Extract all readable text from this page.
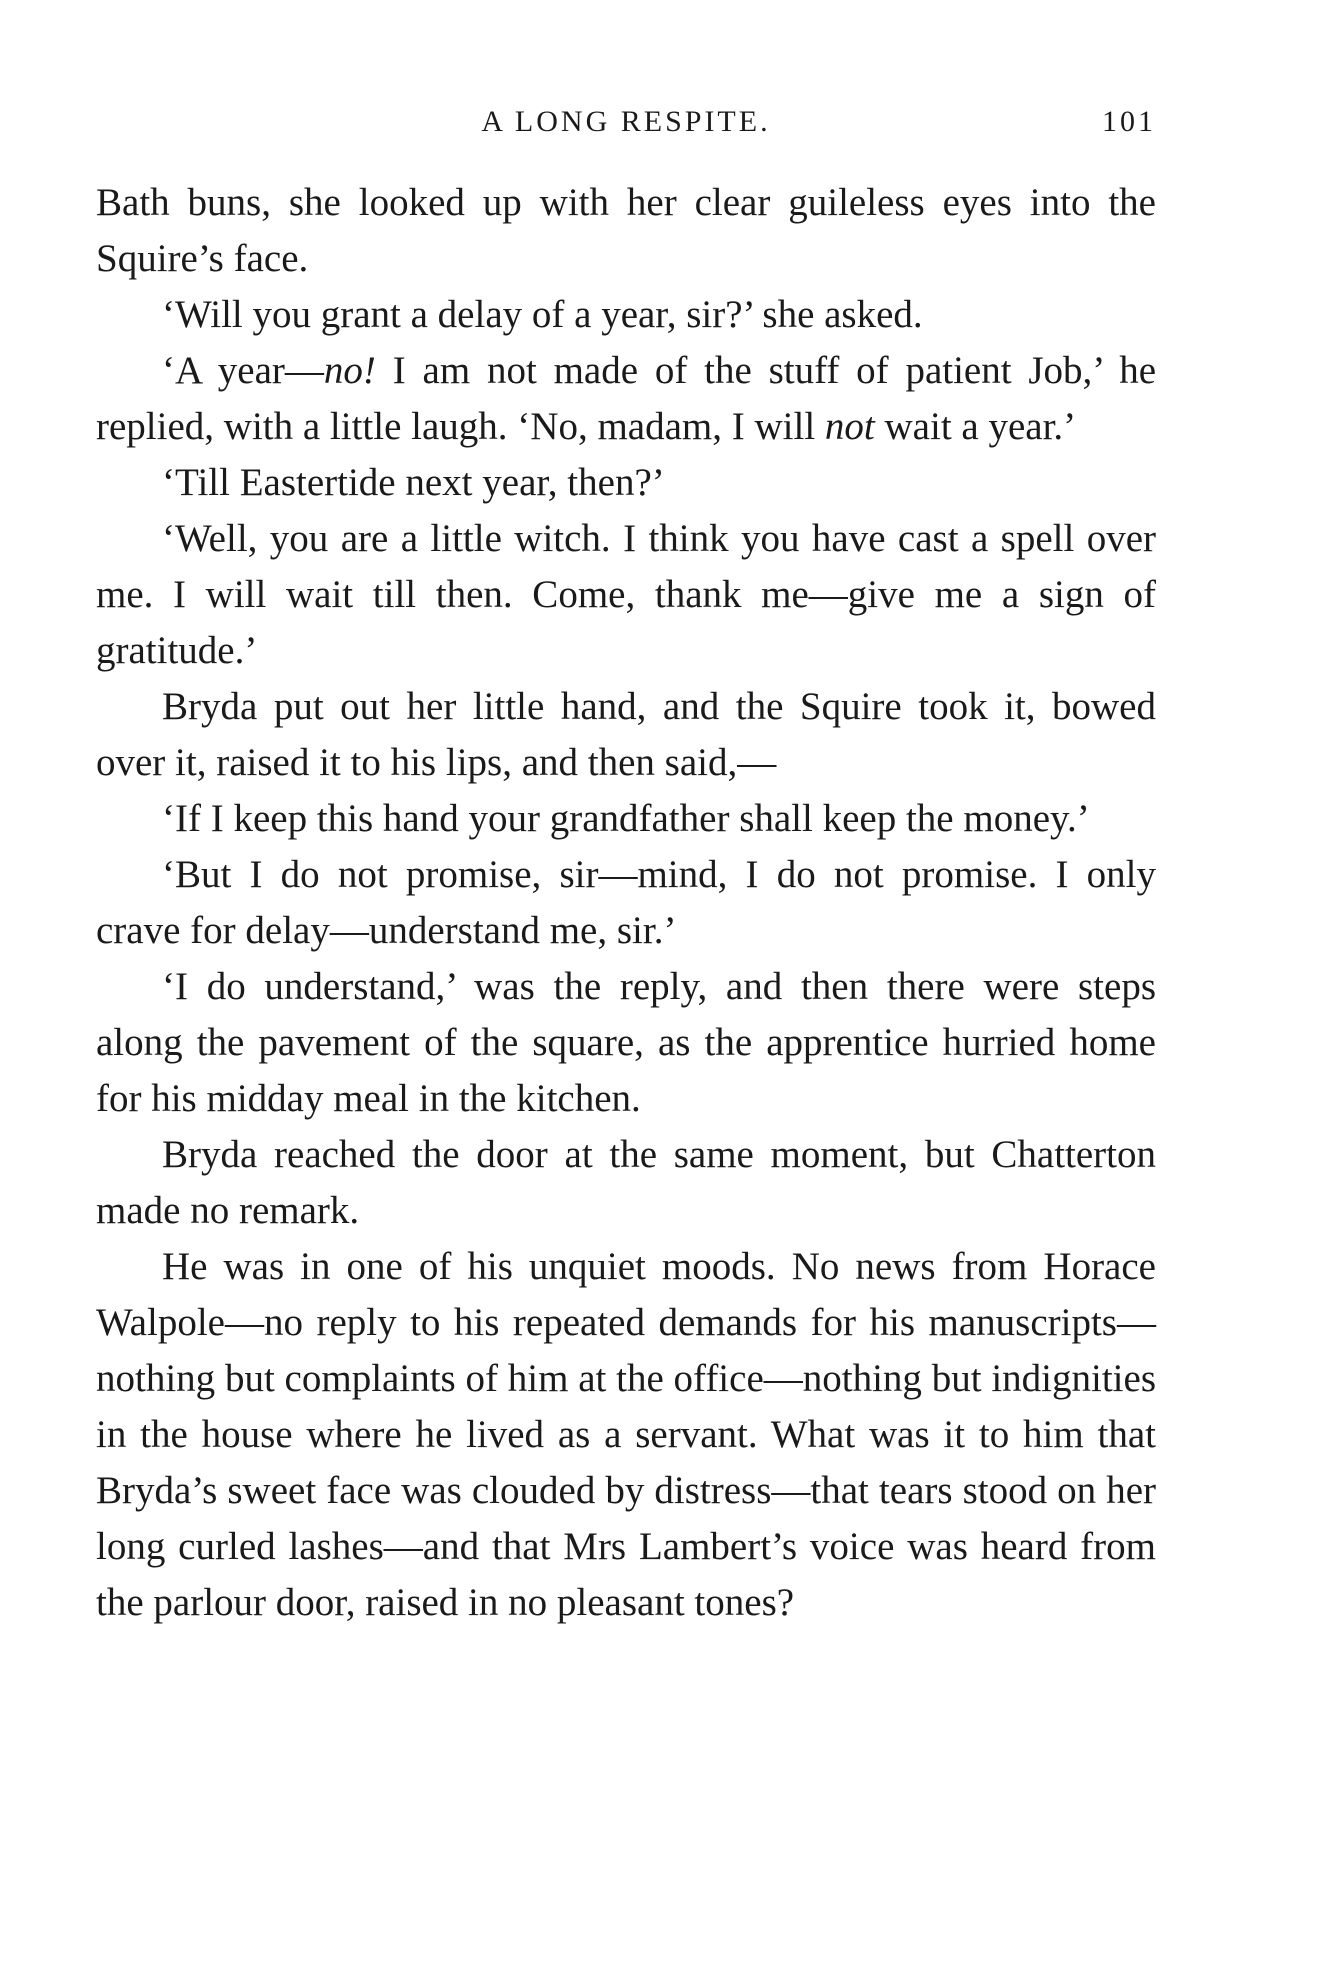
A LONG RESPITE.	101

Bath buns, she looked up with her clear guileless eyes into the Squire’s face.

‘Will you grant a delay of a year, sir?’ she asked.

‘A year—no! I am not made of the stuff of patient Job,’ he replied, with a little laugh. ‘No, madam, I will not wait a year.’

‘Till Eastertide next year, then?’

‘Well, you are a little witch. I think you have cast a spell over me. I will wait till then. Come, thank me—give me a sign of gratitude.’

Bryda put out her little hand, and the Squire took it, bowed over it, raised it to his lips, and then said,—

‘If I keep this hand your grandfather shall keep the money.’

‘But I do not promise, sir—mind, I do not promise. I only crave for delay—understand me, sir.’

‘I do understand,’ was the reply, and then there were steps along the pavement of the square, as the apprentice hurried home for his midday meal in the kitchen.

Bryda reached the door at the same moment, but Chatterton made no remark.

He was in one of his unquiet moods. No news from Horace Walpole—no reply to his repeated demands for his manuscripts—nothing but complaints of him at the office—nothing but indignities in the house where he lived as a servant. What was it to him that Bryda’s sweet face was clouded by distress—that tears stood on her long curled lashes—and that Mrs Lambert’s voice was heard from the parlour door, raised in no pleasant tones?
